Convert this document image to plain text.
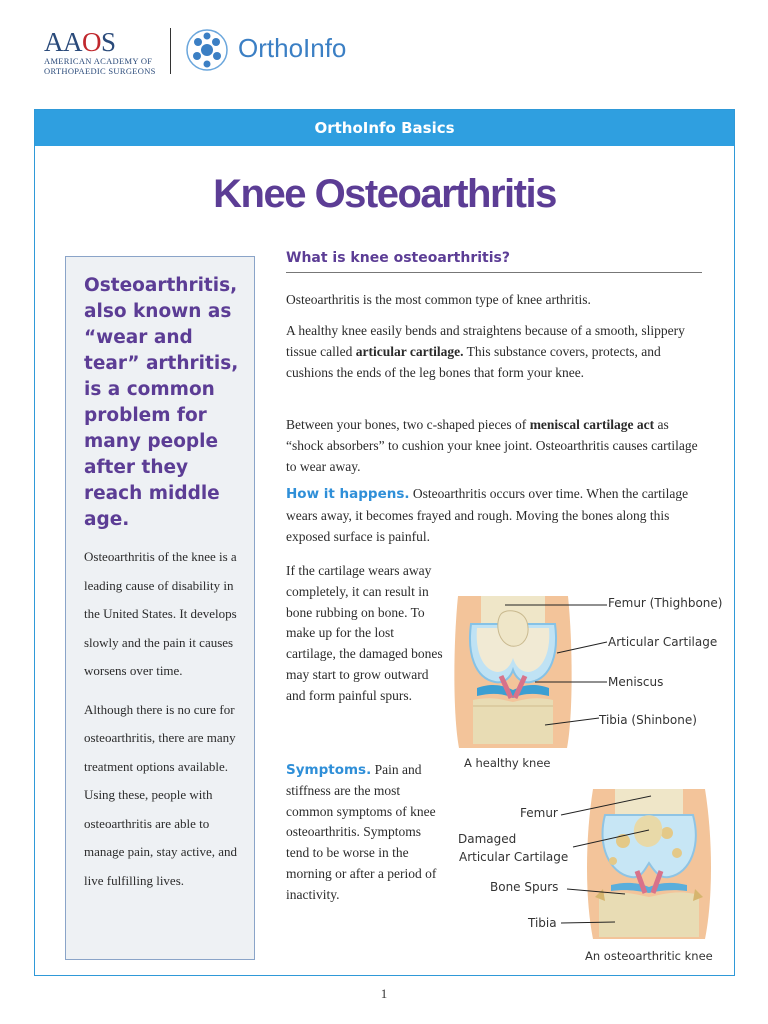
AAOS
AMERICAN ACADEMY OF
ORTHOPAEDIC SURGEONS
OrthoInfo
OrthoInfo Basics
Knee Osteoarthritis

Osteoarthritis, also known as “wear and tear” arthritis, is a common problem for many people after they reach middle age.

Osteoarthritis of the knee is a leading cause of disability in the United States. It develops slowly and the pain it causes worsens over time.

Although there is no cure for osteoarthritis, there are many treatment options available. Using these, people with osteoarthritis are able to manage pain, stay active, and live fulfilling lives.

What is knee osteoarthritis?

Osteoarthritis is the most common type of knee arthritis.

A healthy knee easily bends and straightens because of a smooth, slippery tissue called articular cartilage. This substance covers, protects, and cushions the ends of the leg bones that form your knee.

Between your bones, two c-shaped pieces of meniscal cartilage act as “shock absorbers” to cushion your knee joint. Osteoarthritis causes cartilage to wear away.

How it happens. Osteoarthritis occurs over time. When the cartilage wears away, it becomes frayed and rough. Moving the bones along this exposed surface is painful.

If the cartilage wears away completely, it can result in bone rubbing on bone. To make up for the lost cartilage, the damaged bones may start to grow outward and form painful spurs.

Symptoms. Pain and stiffness are the most common symptoms of knee osteoarthritis. Symptoms tend to be worse in the morning or after a period of inactivity.

Femur (Thighbone)
Articular Cartilage
Meniscus
Tibia (Shinbone)
A healthy knee
Femur
Damaged
Articular Cartilage
Bone Spurs
Tibia
An osteoarthritic knee
1
